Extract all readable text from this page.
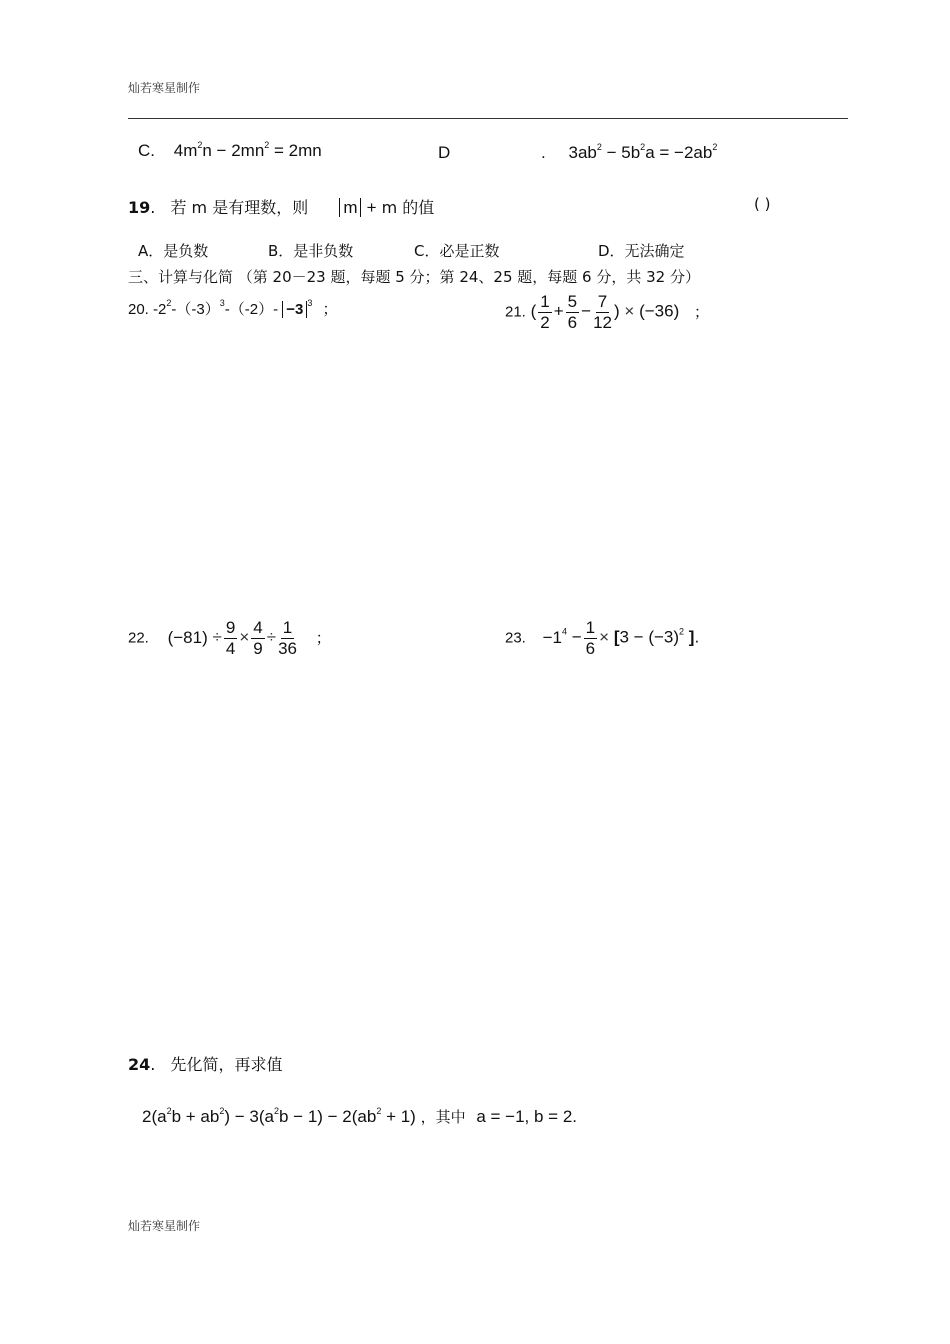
灿若寒星制作
C. $4m^2n - 2mn^2 = 2mn$	D	. $3ab^2 - 5b^2a = -2ab^2$
19. 若 m 是有理数，则 m + m 的值	( )
A．是负数	B．是非负数	C．必是正数	D．无法确定
三、计算与化简 （第 20－23 题，每题 5 分；第 24、25 题，每题 6 分，共 32 分）
20. $-2^2-(-3)^3-(-2)- -3$ $^3$ ；	21. ( $\frac{1}{2} + \frac{5}{6} - \frac{7}{12}$ ) × (−36) ；
22. $(-81) \div \frac{9}{4} \times \frac{4}{9} \div \frac{1}{36}$ ；	23. $-1^4 - \frac{1}{6} \times [3 - (-3)^2$ ].
24. 先化简，再求值
$2(a^2b + ab^2) - 3(a^2b - 1) - 2(ab^2 + 1)$ ，其中 a = −1, b = 2.
灿若寒星制作
